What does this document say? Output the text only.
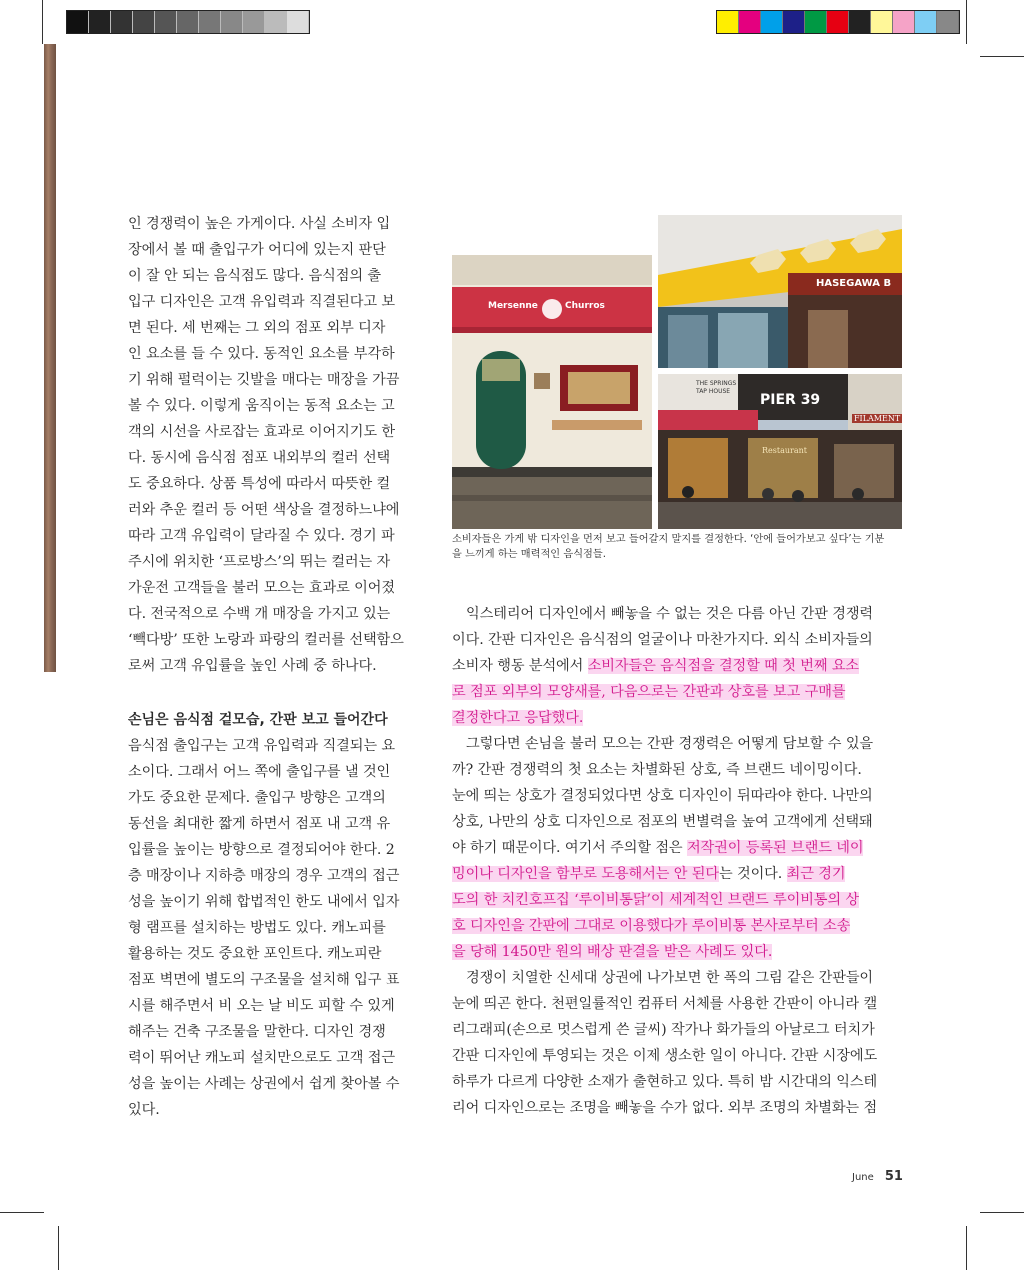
인 경쟁력이 높은 가게이다. 사실 소비자 입

장에서 볼 때 출입구가 어디에 있는지 판단

이 잘 안 되는 음식점도 많다. 음식점의 출

입구 디자인은 고객 유입력과 직결된다고 보

면 된다. 세 번째는 그 외의 점포 외부 디자

인 요소를 들 수 있다. 동적인 요소를 부각하

기 위해 펄럭이는 깃발을 매다는 매장을 가끔

볼 수 있다. 이렇게 움직이는 동적 요소는 고

객의 시선을 사로잡는 효과로 이어지기도 한

다. 동시에 음식점 점포 내외부의 컬러 선택

도 중요하다. 상품 특성에 따라서 따뜻한 컬

러와 추운 컬러 등 어떤 색상을 결정하느냐에

따라 고객 유입력이 달라질 수 있다. 경기 파

주시에 위치한 ‘프로방스’의 뛰는 컬러는 자

가운전 고객들을 불러 모으는 효과로 이어졌

다. 전국적으로 수백 개 매장을 가지고 있는

‘빽다방’ 또한 노랑과 파랑의 컬러를 선택함으

로써 고객 유입률을 높인 사례 중 하나다.

손님은 음식점 겉모습, 간판 보고 들어간다

음식점 출입구는 고객 유입력과 직결되는 요

소이다. 그래서 어느 쪽에 출입구를 낼 것인

가도 중요한 문제다. 출입구 방향은 고객의

동선을 최대한 짧게 하면서 점포 내 고객 유

입률을 높이는 방향으로 결정되어야 한다. 2

층 매장이나 지하층 매장의 경우 고객의 접근

성을 높이기 위해 합법적인 한도 내에서 입자

형 램프를 설치하는 방법도 있다. 캐노피를

활용하는 것도 중요한 포인트다. 캐노피란

점포 벽면에 별도의 구조물을 설치해 입구 표

시를 해주면서 비 오는 날 비도 피할 수 있게

해주는 건축 구조물을 말한다. 디자인 경쟁

력이 뛰어난 캐노피 설치만으로도 고객 접근

성을 높이는 사례는 상권에서 쉽게 찾아볼 수

있다.

Mersenne	Churros
HASEGAWA B
THE SPRINGS
TAP HOUSE
PIER 39
FILAMENT
Restaurant
소비자들은 가게 밖 디자인을 먼저 보고 들어갈지 말지를 결정한다. ‘안에 들어가보고 싶다’는 기분
을 느끼게 하는 매력적인 음식점들.

익스테리어 디자인에서 빼놓을 수 없는 것은 다름 아닌 간판 경쟁력

이다. 간판 디자인은 음식점의 얼굴이나 마찬가지다. 외식 소비자들의

소비자 행동 분석에서 소비자들은 음식점을 결정할 때 첫 번째 요소

로 점포 외부의 모양새를, 다음으로는 간판과 상호를 보고 구매를

결정한다고 응답했다.

그렇다면 손님을 불러 모으는 간판 경쟁력은 어떻게 담보할 수 있을

까? 간판 경쟁력의 첫 요소는 차별화된 상호, 즉 브랜드 네이밍이다.

눈에 띄는 상호가 결정되었다면 상호 디자인이 뒤따라야 한다. 나만의

상호, 나만의 상호 디자인으로 점포의 변별력을 높여 고객에게 선택돼

야 하기 때문이다. 여기서 주의할 점은 저작권이 등록된 브랜드 네이

밍이나 디자인을 함부로 도용해서는 안 된다는 것이다. 최근 경기

도의 한 치킨호프집 ‘루이비통닭’이 세계적인 브랜드 루이비통의 상

호 디자인을 간판에 그대로 이용했다가 루이비통 본사로부터 소송

을 당해 1450만 원의 배상 판결을 받은 사례도 있다.

경쟁이 치열한 신세대 상권에 나가보면 한 폭의 그림 같은 간판들이

눈에 띄곤 한다. 천편일률적인 컴퓨터 서체를 사용한 간판이 아니라 캘

리그래피(손으로 멋스럽게 쓴 글씨) 작가나 화가들의 아날로그 터치가

간판 디자인에 투영되는 것은 이제 생소한 일이 아니다. 간판 시장에도

하루가 다르게 다양한 소재가 출현하고 있다. 특히 밤 시간대의 익스테

리어 디자인으로는 조명을 빼놓을 수가 없다. 외부 조명의 차별화는 점

June 51
